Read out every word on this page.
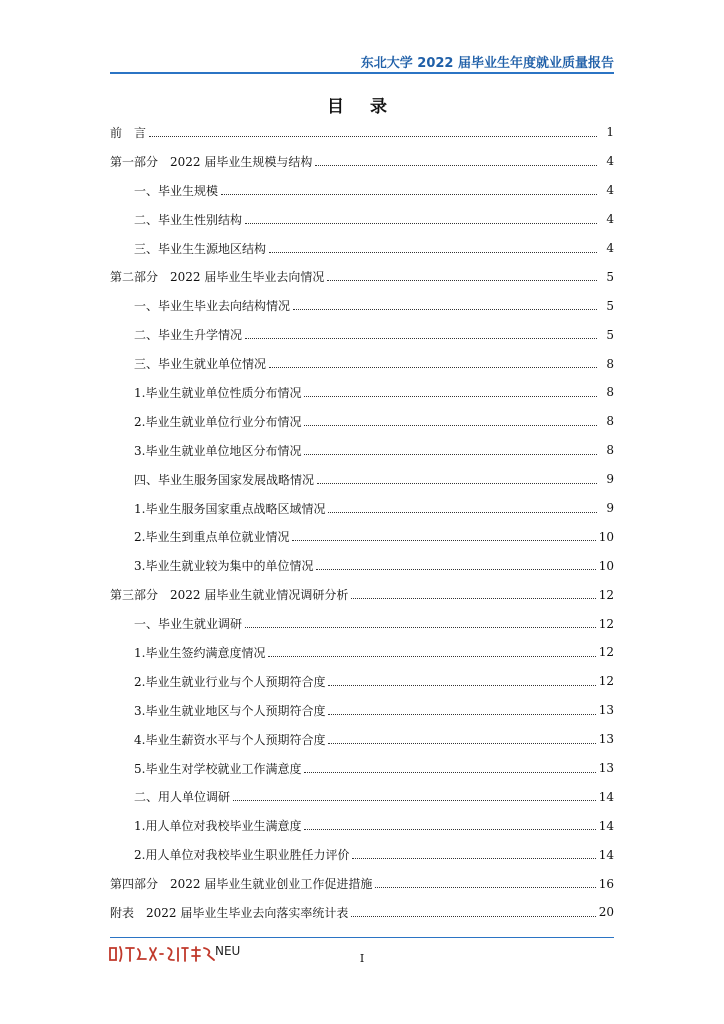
东北大学 2022 届毕业生年度就业质量报告
目 录
前　言	1
第一部分　2022 届毕业生规模与结构	4
一、毕业生规模	4
二、毕业生性别结构	4
三、毕业生生源地区结构	4
第二部分　2022 届毕业生毕业去向情况	5
一、毕业生毕业去向结构情况	5
二、毕业生升学情况	5
三、毕业生就业单位情况	8
1.毕业生就业单位性质分布情况	8
2.毕业生就业单位行业分布情况	8
3.毕业生就业单位地区分布情况	8
四、毕业生服务国家发展战略情况	9
1.毕业生服务国家重点战略区域情况	9
2.毕业生到重点单位就业情况	10
3.毕业生就业较为集中的单位情况	10
第三部分　2022 届毕业生就业情况调研分析	12
一、毕业生就业调研	12
1.毕业生签约满意度情况	12
2.毕业生就业行业与个人预期符合度	12
3.毕业生就业地区与个人预期符合度	13
4.毕业生薪资水平与个人预期符合度	13
5.毕业生对学校就业工作满意度	13
二、用人单位调研	14
1.用人单位对我校毕业生满意度	14
2.用人单位对我校毕业生职业胜任力评价	14
第四部分　2022 届毕业生就业创业工作促进措施	16
附表　2022 届毕业生毕业去向落实率统计表	20
NEU
I
